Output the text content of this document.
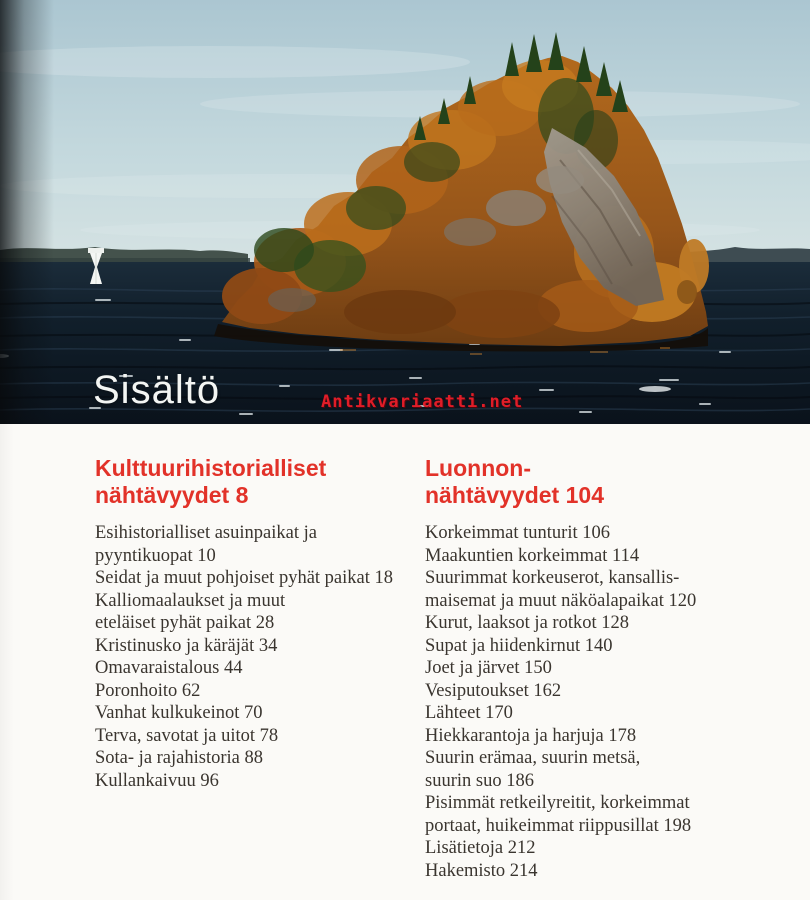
Sisältö	Antikvariaatti.net
Kulttuurihistorialliset
nähtävyydet 8
Esihistorialliset asuinpaikat ja
pyyntikuopat 10
Seidat ja muut pohjoiset pyhät paikat 18
Kalliomaalaukset ja muut
eteläiset pyhät paikat 28
Kristinusko ja käräjät 34
Omavaraistalous 44
Poronhoito 62
Vanhat kulkukeinot 70
Terva, savotat ja uitot 78
Sota- ja rajahistoria 88
Kullankaivuu 96
Luonnon-
nähtävyydet 104
Korkeimmat tunturit 106
Maakuntien korkeimmat 114
Suurimmat korkeuserot, kansallis-
maisemat ja muut näköalapaikat 120
Kurut, laaksot ja rotkot 128
Supat ja hiidenkirnut 140
Joet ja järvet 150
Vesiputoukset 162
Lähteet 170
Hiekkarantoja ja harjuja 178
Suurin erämaa, suurin metsä,
suurin suo 186
Pisimmät retkeilyreitit, korkeimmat
portaat, huikeimmat riippusillat 198
Lisätietoja 212
Hakemisto 214
